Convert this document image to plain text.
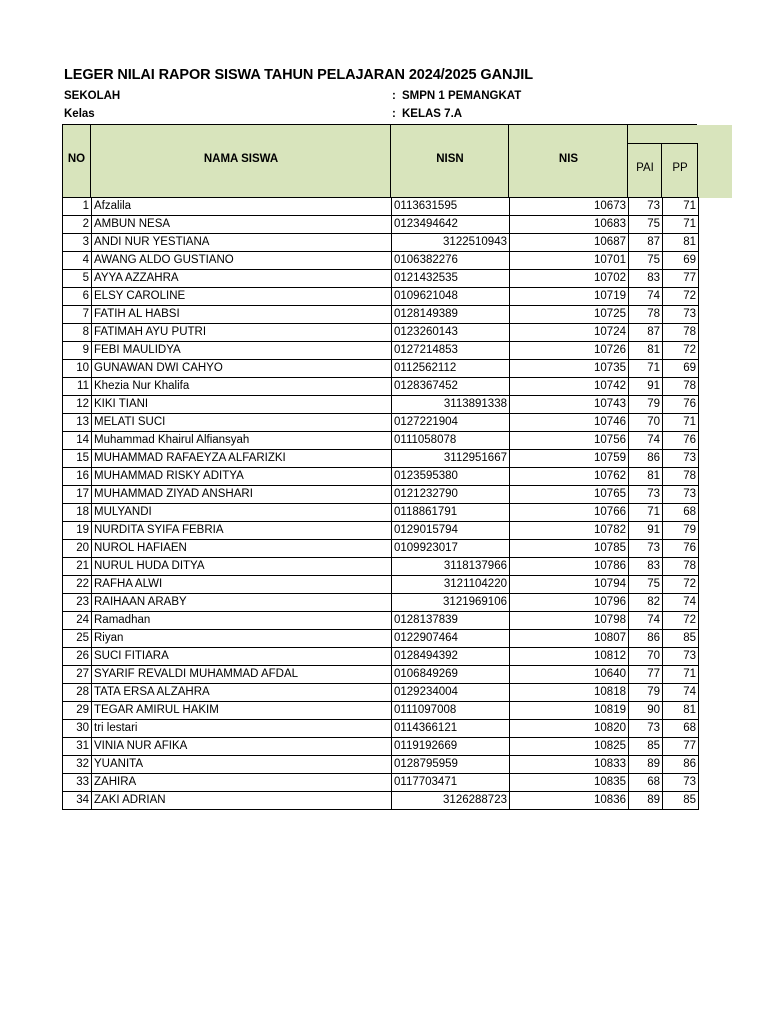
LEGER NILAI RAPOR SISWA TAHUN PELAJARAN 2024/2025 GANJIL
SEKOLAH	: SMPN 1 PEMANGKAT
Kelas	: KELAS 7.A
NO	NAMA SISWA	NISN	NIS
PAI	PP
1	Afzalila	0113631595	10673	73	71
2	AMBUN NESA	0123494642	10683	75	71
3	ANDI NUR YESTIANA	3122510943	10687	87	81
4	AWANG ALDO GUSTIANO	0106382276	10701	75	69
5	AYYA AZZAHRA	0121432535	10702	83	77
6	ELSY CAROLINE	0109621048	10719	74	72
7	FATIH AL HABSI	0128149389	10725	78	73
8	FATIMAH AYU PUTRI	0123260143	10724	87	78
9	FEBI MAULIDYA	0127214853	10726	81	72
10	GUNAWAN DWI CAHYO	0112562112	10735	71	69
11	Khezia Nur Khalifa	0128367452	10742	91	78
12	KIKI TIANI	3113891338	10743	79	76
13	MELATI SUCI	0127221904	10746	70	71
14	Muhammad Khairul Alfiansyah	0111058078	10756	74	76
15	MUHAMMAD RAFAEYZA ALFARIZKI	3112951667	10759	86	73
16	MUHAMMAD RISKY ADITYA	0123595380	10762	81	78
17	MUHAMMAD ZIYAD ANSHARI	0121232790	10765	73	73
18	MULYANDI	0118861791	10766	71	68
19	NURDITA SYIFA FEBRIA	0129015794	10782	91	79
20	NUROL HAFIAEN	0109923017	10785	73	76
21	NURUL HUDA DITYA	3118137966	10786	83	78
22	RAFHA ALWI	3121104220	10794	75	72
23	RAIHAAN ARABY	3121969106	10796	82	74
24	Ramadhan	0128137839	10798	74	72
25	Riyan	0122907464	10807	86	85
26	SUCI FITIARA	0128494392	10812	70	73
27	SYARIF REVALDI MUHAMMAD AFDAL	0106849269	10640	77	71
28	TATA ERSA ALZAHRA	0129234004	10818	79	74
29	TEGAR AMIRUL HAKIM	0111097008	10819	90	81
30	tri lestari	0114366121	10820	73	68
31	VINIA NUR AFIKA	0119192669	10825	85	77
32	YUANITA	0128795959	10833	89	86
33	ZAHIRA	0117703471	10835	68	73
34	ZAKI ADRIAN	3126288723	10836	89	85
